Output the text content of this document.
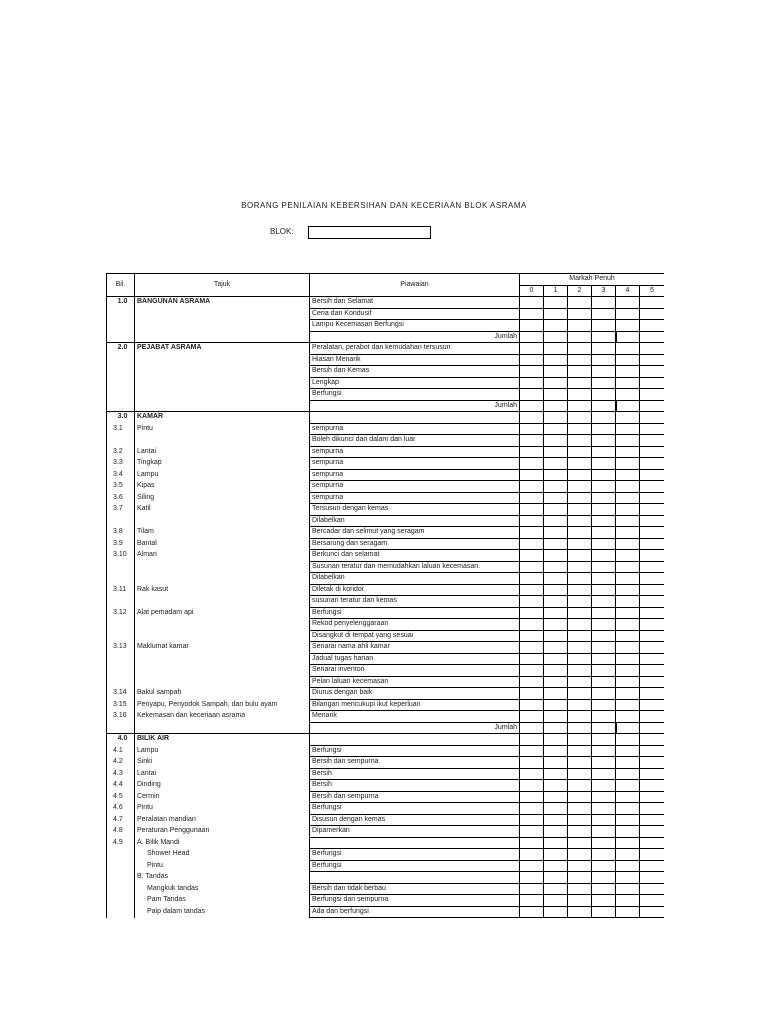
BORANG PENILAIAN KEBERSIHAN DAN KECERIAAN BLOK ASRAMA
BLOK:
Bil.	Tajuk	Piawaian	Markah Penuh					
			0	1	2	3	4	5
1.0	BANGUNAN ASRAMA	Bersih dan Selamat						
		Ceria dan Kondusif						
		Lampu Kecemasan Berfungsi						
		Jumlah						
2.0	PEJABAT ASRAMA	Peralatan, perabot dan kemudahan tersusun						
		Hiasan Menarik						
		Bersih dan Kemas						
		Lengkap						
		Berfungsi						
		Jumlah						
3.0	KAMAR							
3.1	Pintu	sempurna						
		Boleh dikunci dari dalam dan luar						
3.2	Lantai	sempurna						
3.3	Tingkap	sempurna						
3.4	Lampu	sempurna						
3.5	Kipas	sempurna						
3.6	Siling	sempurna						
3.7	Katil	Tersusun dengan kemas						
		Dilabelkan						
3.8	Tilam	Bercadar dan selimut yang seragam						
3.9	Bantal	Bersarung dan seragam						
3.10	Almari	Berkunci dan selamat						
		Susunan teratur dan memudahkan laluan kecemasan.						
		Dilabelkan						
3.11	Rak kasut	Diletak di koridor						
		susunan teratur dan kemas						
3.12	Alat pemadam api	Berfungsi						
		Rekod penyelenggaraan						
		Disangkut di tempat yang sesuai						
3.13	Maklumat kamar	Senarai nama ahli kamar						
		Jadual tugas harian						
		Senarai inventori						
		Pelan laluan kecemasan						
3.14	Bakul sampah	Diurus dengan baik						
3.15	Penyapu, Penyodok Sampah, dan bulu ayam	Bilangan mencukupi ikut keperluan						
3.16	Kekemasan dan keceriaan asrama	Menarik						
		Jumlah						
4.0	BILIK AIR							
4.1	Lampu	Berfungsi						
4.2	Sinki	Bersih dan sempurna						
4.3	Lantai	Bersih						
4.4	Dinding	Bersih						
4.5	Cermin	Bersih dan sempurna						
4.6	Pintu	Berfungsi						
4.7	Peralatan mandian	Disusun dengan kemas						
4.8	Peraturan Penggunaan	Dipamerkan						
4.9	A. Bilik Mandi							
	Shower Head	Berfungsi						
	Pintu	Berfungsi						
	B. Tandas							
	Mangkuk tandas	Bersih dan tidak berbau						
	Pam Tandas	Berfungsi dan sempurna						
	Paip dalam tandas	Ada dan berfungsi						
